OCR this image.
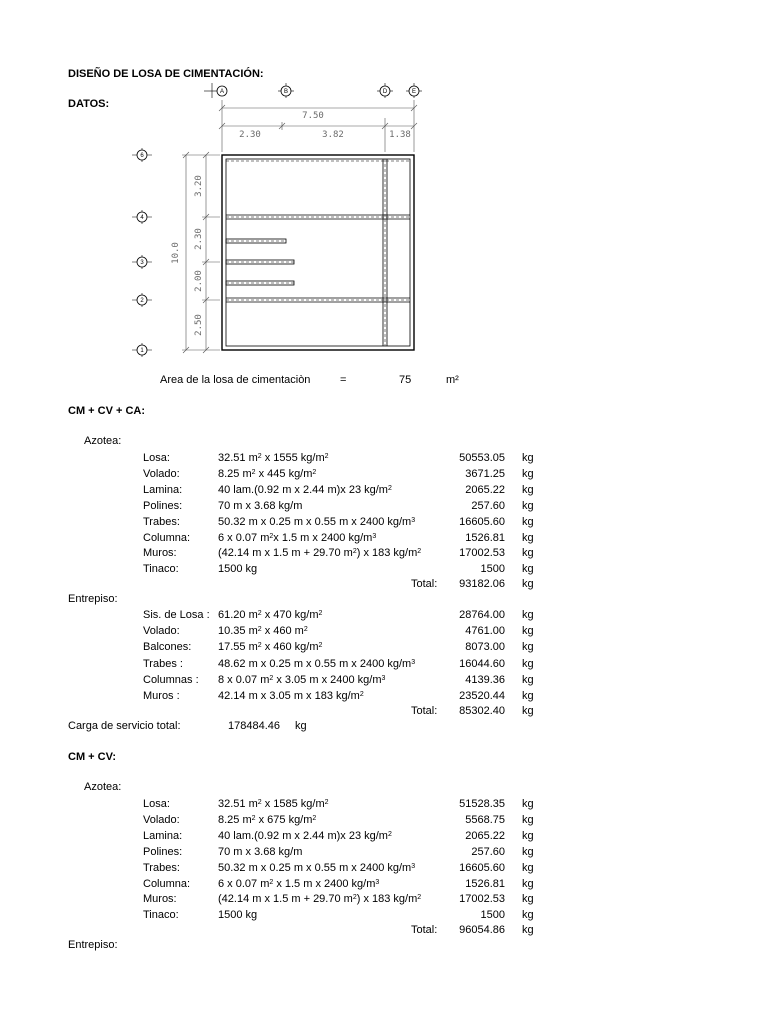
DISEÑO DE LOSA DE CIMENTACIÓN:
DATOS:
A	B	D	E
7.50
2.30	3.82	1.38
6
4
3
2
1
10.0
3.20
2.30
2.00
2.50
Area de la losa de cimentaciòn	=	75	m²
CM + CV + CA:
Azotea:
Losa:	32.51 $m^2$ x 1555 $kg/m^2$	50553.05 kg
Volado:	8.25 $m^2$ x 445 $kg/m^2$	3671.25 kg
Lamina:	40 lam.(0.92 m x 2.44 m)x 23 $kg/m^2$	2065.22 kg
Polines:	70 m x 3.68 kg/m	257.60 kg
Trabes:	50.32 m x 0.25 m x 0.55 m x 2400 $kg/m^3$	16605.60 kg
Columna:	6 x 0.07 $m^2x$ 1.5 m x 2400 $kg/m^3$	1526.81 kg
Muros:	(42.14 m x 1.5 m + 29.70 $m^2$) x 183 $kg/m^2$	17002.53 kg
Tinaco:	1500 kg	1500 kg
Total:	93182.06 kg
Entrepiso:
Sis. de Losa : 61.20 $m^2$ x 470 $kg/m^2$	28764.00 kg
Volado:	10.35 $m^2$ x 460 $m^2$	4761.00 kg
Balcones: 17.55 $m^2$ x 460 $kg/m^2$	8073.00 kg
Trabes :	48.62 m x 0.25 m x 0.55 m x 2400 $kg/m^3$	16044.60 kg
Columnas : 8 x 0.07 $m^2$ x 3.05 m x 2400 $kg/m^3$	4139.36 kg
Muros :	42.14 m x 3.05 m x 183 $kg/m^2$	23520.44 kg
Total:	85302.40 kg
Carga de servicio total:	178484.46 kg
CM + CV:
Azotea:
Losa:	32.51 $m^2$ x 1585 $kg/m^2$	51528.35 kg
Volado:	8.25 $m^2$ x 675 $kg/m^2$	5568.75 kg
Lamina:	40 lam.(0.92 m x 2.44 m)x 23 $kg/m^2$	2065.22 kg
Polines:	70 m x 3.68 kg/m	257.60 kg
Trabes:	50.32 m x 0.25 m x 0.55 m x 2400 $kg/m^3$	16605.60 kg
Columna:	6 x 0.07 $m^2$ x 1.5 m x 2400 $kg/m^3$	1526.81 kg
Muros:	(42.14 m x 1.5 m + 29.70 $m^2$) x 183 $kg/m^2$	17002.53 kg
Tinaco:	1500 kg	1500 kg
Total:	96054.86 kg
Entrepiso:
